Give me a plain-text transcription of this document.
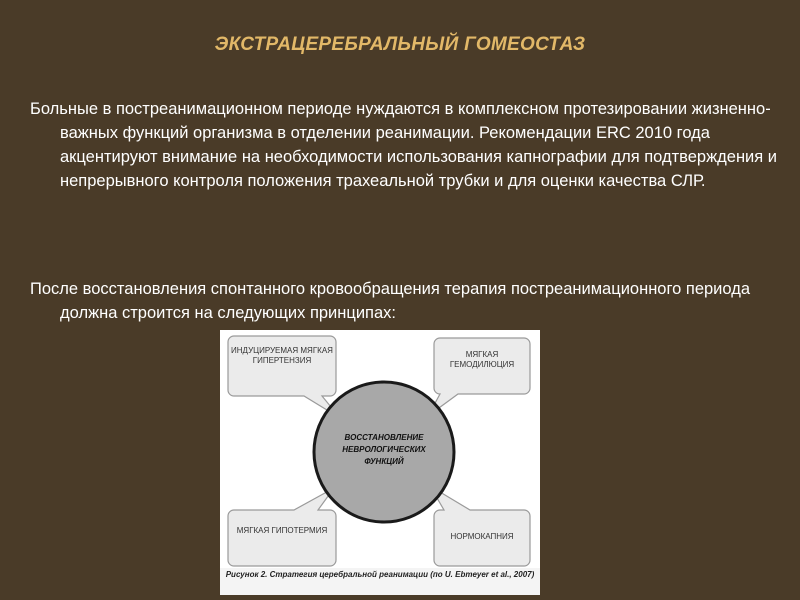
ЭКСТРАЦЕРЕБРАЛЬНЫЙ ГОМЕОСТАЗ

Больные в постреанимационном периоде нуждаются в комплексном протезировании жизненно-важных функций организма в отделении реанимации. Рекомендации ERC 2010 года акцентируют внимание на необходимости использования капнографии для подтверждения и непрерывного контроля положения трахеальной трубки и для оценки качества СЛР.

После восстановления спонтанного кровообращения терапия постреанимационного периода должна строится на следующих принципах:

ИНДУЦИРУЕМАЯ МЯГКАЯ ГИПЕРТЕНЗИЯ
МЯГКАЯ ГЕМОДИЛЮЦИЯ
МЯГКАЯ ГИПОТЕРМИЯ
НОРМОКАПНИЯ
ВОССТАНОВЛЕНИЕ НЕВРОЛОГИЧЕСКИХ ФУНКЦИЙ
Рисунок 2. Стратегия церебральной реанимации (по U. Ebmeyer et al., 2007)
